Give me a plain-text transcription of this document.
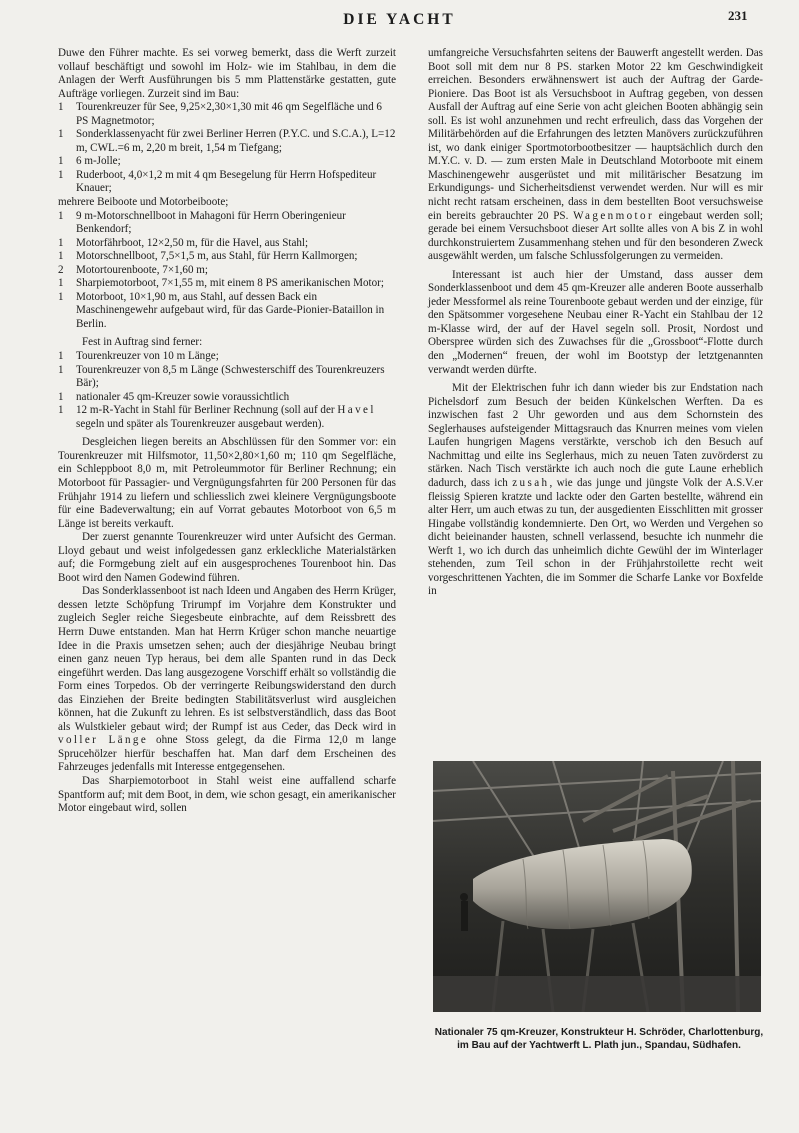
DIE YACHT	231

Duwe den Führer machte. Es sei vorweg bemerkt, dass die Werft zurzeit vollauf beschäftigt und sowohl im Holz- wie im Stahlbau, in dem die Anlagen der Werft Ausführungen bis 5 mm Plattenstärke gestatten, gute Aufträge vorliegen. Zurzeit sind im Bau:

1	Tourenkreuzer für See, 9,25×2,30×1,30 mit 46 qm Segelfläche und 6 PS Magnetmotor;
1	Sonderklassenyacht für zwei Berliner Herren (P.Y.C. und S.C.A.), L=12 m, CWL.=6 m, 2,20 m breit, 1,54 m Tiefgang;
1	6 m-Jolle;
1	Ruderboot, 4,0×1,2 m mit 4 qm Besegelung für Herrn Hofspediteur Knauer;
mehrere Beiboote und Motorbeiboote;
1	9 m-Motorschnellboot in Mahagoni für Herrn Oberingenieur Benkendorf;
1	Motorfährboot, 12×2,50 m, für die Havel, aus Stahl;
1	Motorschnellboot, 7,5×1,5 m, aus Stahl, für Herrn Kallmorgen;
2	Motortourenboote, 7×1,60 m;
1	Sharpiemotorboot, 7×1,55 m, mit einem 8 PS amerikanischen Motor;
1	Motorboot, 10×1,90 m, aus Stahl, auf dessen Back ein Maschinengewehr aufgebaut wird, für das Garde-Pionier-Bataillon in Berlin.

Fest in Auftrag sind ferner:

1	Tourenkreuzer von 10 m Länge;
1	Tourenkreuzer von 8,5 m Länge (Schwesterschiff des Tourenkreuzers Bär);
1	nationaler 45 qm-Kreuzer sowie voraussichtlich
1	12 m-R-Yacht in Stahl für Berliner Rechnung (soll auf der Havel segeln und später als Tourenkreuzer ausgebaut werden).

Desgleichen liegen bereits an Abschlüssen für den Sommer vor: ein Tourenkreuzer mit Hilfsmotor, 11,50×2,80×1,60 m; 110 qm Segelfläche, ein Schleppboot 8,0 m, mit Petroleummotor für Berliner Rechnung; ein Motorboot für Passagier- und Vergnügungsfahrten für 200 Personen für das Frühjahr 1914 zu liefern und schliesslich zwei kleinere Vergnügungsboote für eine Badeverwaltung; ein auf Vorrat gebautes Motorboot von 6,5 m Länge ist bereits verkauft.

Der zuerst genannte Tourenkreuzer wird unter Aufsicht des German. Lloyd gebaut und weist infolgedessen ganz erkleckliche Materialstärken auf; die Formgebung zielt auf ein ausgesprochenes Tourenboot hin. Das Boot wird den Namen Godewind führen.

Das Sonderklassenboot ist nach Ideen und Angaben des Herrn Krüger, dessen letzte Schöpfung Trirumpf im Vorjahre dem Konstrukter und zugleich Segler reiche Siegesbeute einbrachte, auf dem Reissbrett des Herrn Duwe entstanden. Man hat Herrn Krüger schon manche neuartige Idee in die Praxis umsetzen sehen; auch der diesjährige Neubau bringt einen ganz neuen Typ heraus, bei dem alle Spanten rund in das Deck eingeführt werden. Das lang ausgezogene Vorschiff erhält so vollständig die Form eines Torpedos. Ob der verringerte Reibungswiderstand den durch das Einziehen der Breite bedingten Stabilitätsverlust wird ausgleichen können, hat die Zukunft zu lehren. Es ist selbstverständlich, dass das Boot als Wulstkieler gebaut wird; der Rumpf ist aus Ceder, das Deck wird in voller Länge ohne Stoss gelegt, da die Firma 12,0 m lange Sprucehölzer hierfür beschaffen hat. Man darf dem Erscheinen des Fahrzeuges jedenfalls mit Interesse entgegensehen.

Das Sharpiemotorboot in Stahl weist eine auffallend scharfe Spantform auf; mit dem Boot, in dem, wie schon gesagt, ein amerikanischer Motor eingebaut wird, sollen

umfangreiche Versuchsfahrten seitens der Bauwerft angestellt werden. Das Boot soll mit dem nur 8 PS. starken Motor 22 km Geschwindigkeit erreichen. Besonders erwähnenswert ist auch der Auftrag der Garde-Pioniere. Das Boot ist als Versuchsboot in Auftrag gegeben, von dessen Ausfall der Auftrag auf eine Serie von acht gleichen Booten abhängig sein soll. Es ist wohl anzunehmen und recht erfreulich, dass das Vorgehen der Militärbehörden auf die Erfahrungen des letzten Manövers zurückzuführen ist, wo dank einiger Sportmotorbootbesitzer — hauptsächlich durch den M.Y.C. v. D. — zum ersten Male in Deutschland Motorboote mit einem Maschinengewehr ausgerüstet und mit militärischer Besatzung im Erkundigungs- und Sicherheitsdienst verwendet werden. Nur will es mir nicht recht ratsam erscheinen, dass in dem bestellten Boot versuchsweise ein bereits gebrauchter 20 PS. Wagenmotor eingebaut werden soll; gerade bei einem Versuchsboot dieser Art sollte alles von A bis Z in wohl durchkonstruiertem Zusammenhang stehen und für den besonderen Zweck ausgewählt werden, um falsche Schlussfolgerungen zu vermeiden.

Interessant ist auch hier der Umstand, dass ausser dem Sonderklassenboot und dem 45 qm-Kreuzer alle anderen Boote ausserhalb jeder Messformel als reine Tourenboote gebaut werden und der einzige, für den Spätsommer vorgesehene Neubau einer R-Yacht ein Stahlbau der 12 m-Klasse wird, der auf der Havel segeln soll. Prosit, Nordost und Oberspree würden sich des Zuwachses für die „Grossboot“-Flotte durch den „Modernen“ freuen, der wohl im Bootstyp der letztgenannten verwandt werden dürfte.

Mit der Elektrischen fuhr ich dann wieder bis zur Endstation nach Pichelsdorf zum Besuch der beiden Künkelschen Werften. Da es inzwischen fast 2 Uhr geworden und aus dem Schornstein des Seglerhauses aufsteigender Mittagsrauch das Knurren meines vom vielen Laufen hungrigen Magens verstärkte, verschob ich den Besuch auf Nachmittag und eilte ins Seglerhaus, mich zu neuen Taten zuvörderst zu stärken. Nach Tisch verstärkte ich auch noch die gute Laune erheblich dadurch, dass ich zusah, wie das junge und jüngste Volk der A.S.V.er fleissig Spieren kratzte und lackte oder den Garten bestellte, während ein alter Herr, um auch etwas zu tun, der ausgedienten Eisschlitten mit grosser Hingabe vollständig kondemnierte. Den Ort, wo Werden und Vergehen so dicht beieinander hausten, schnell verlassend, besuchte ich nunmehr die Werft 1, wo ich durch das unheimlich dichte Gewühl der im Winterlager stehenden, zum Teil schon in der Frühjahrstoilette recht weit vorgeschrittenen Yachten, die im Sommer die Scharfe Lanke vor Boxfelde in

Nationaler 75 qm-Kreuzer, Konstrukteur H. Schröder, Charlottenburg,
im Bau auf der Yachtwerft L. Plath jun., Spandau, Südhafen.
